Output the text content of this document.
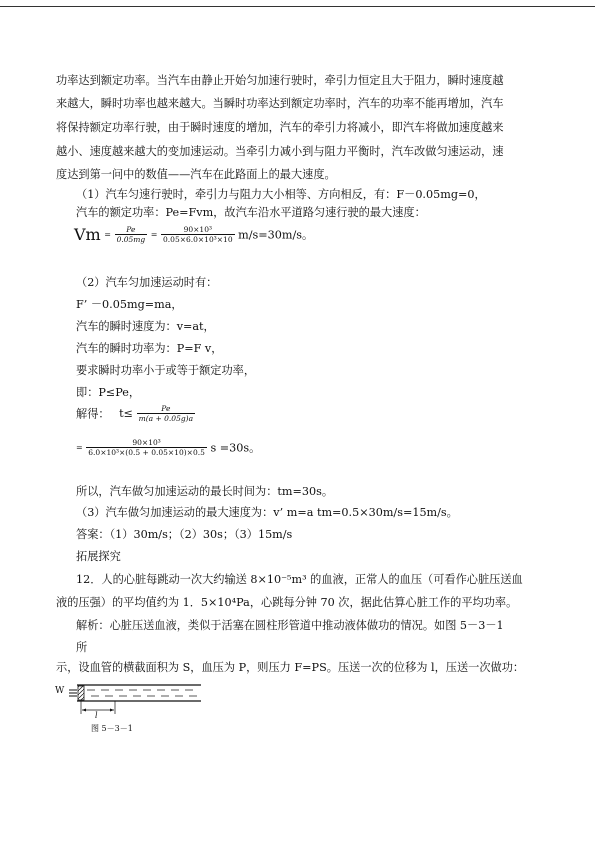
功率达到额定功率。当汽车由静止开始匀加速行驶时，牵引力恒定且大于阻力，瞬时速度越
来越大，瞬时功率也越来越大。当瞬时功率达到额定功率时，汽车的功率不能再增加，汽车
将保持额定功率行驶，由于瞬时速度的增加，汽车的牵引力将减小，即汽车将做加速度越来
越小、速度越来越大的变加速运动。当牵引力减小到与阻力平衡时，汽车改做匀速运动，速
度达到第一问中的数值——汽车在此路面上的最大速度。
（1）汽车匀速行驶时，牵引力与阻力大小相等、方向相反，有：F－0.05mg=0，
汽车的额定功率：Pe=Fvm，故汽车沿水平道路匀速行驶的最大速度：
$Vm = \frac{Pe}{0.05mg} = \frac{\text{90×10³}}{\text{0.05×6.0×10³×10}} m/s=30m/s$。
（2）汽车匀加速运动时有：
F’ －0.05mg=ma，
汽车的瞬时速度为：v=at，
汽车的瞬时功率为：P=F v，
要求瞬时功率小于或等于额定功率，
即：P≤Pe，
解得： $t\le \frac{Pe}{m(a + 0.05g)a}$
= $\frac{\text{90×10³}}{\text{6.0×10³×(0.5 + 0.05×10)×0.5}}$ s =30s。
所以，汽车做匀加速运动的最长时间为：tm=30s。
（3）汽车做匀加速运动的最大速度为：v’ m=a tm=0.5×30m/s=15m/s。
答案：（1）30m/s；（2）30s；（3）15m/s
拓展探究
12．人的心脏每跳动一次大约输送 8×10⁻⁵m³ 的血液，正常人的血压（可看作心脏压送血
液的压强）的平均值约为 1．5×10⁴Pa，心跳每分钟 70 次，据此估算心脏工作的平均功率。
解析：心脏压送血液，类似于活塞在圆柱形管道中推动液体做功的情况。如图 5－3－1
所
示，设血管的横截面积为 S，血压为 P，则压力 F=PS。压送一次的位移为 l，压送一次做功：
W
l
图 5－3－1
